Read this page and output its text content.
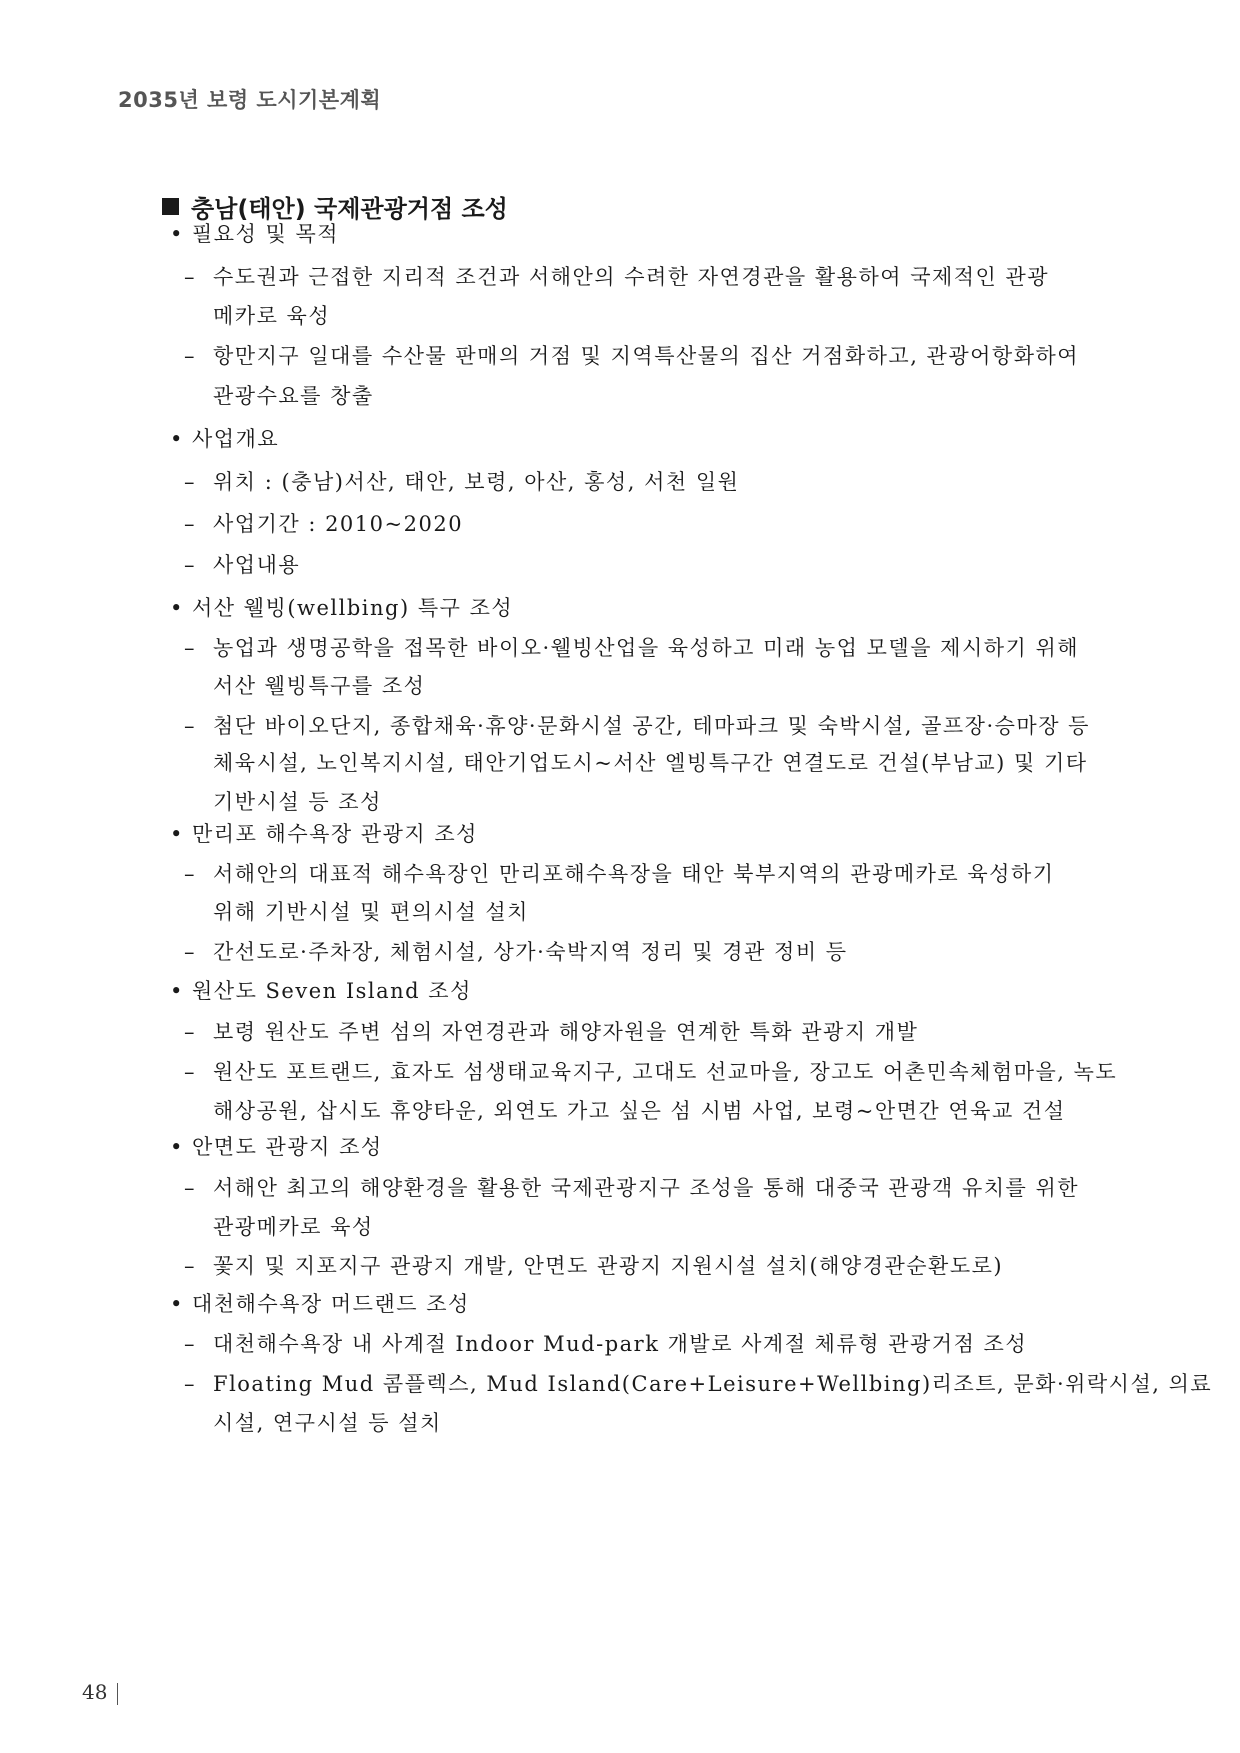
2035년 보령 도시기본계획
충남(태안) 국제관광거점 조성
• 필요성 및 목적
– 수도권과 근접한 지리적 조건과 서해안의 수려한 자연경관을 활용하여 국제적인 관광
메카로 육성
– 항만지구 일대를 수산물 판매의 거점 및 지역특산물의 집산 거점화하고, 관광어항화하여
관광수요를 창출
• 사업개요
– 위치 : (충남)서산, 태안, 보령, 아산, 홍성, 서천 일원
– 사업기간 : 2010~2020
– 사업내용
• 서산 웰빙(wellbing) 특구 조성
– 농업과 생명공학을 접목한 바이오·웰빙산업을 육성하고 미래 농업 모델을 제시하기 위해
서산 웰빙특구를 조성
– 첨단 바이오단지, 종합채육·휴양·문화시설 공간, 테마파크 및 숙박시설, 골프장·승마장 등
체육시설, 노인복지시설, 태안기업도시~서산 엘빙특구간 연결도로 건설(부남교) 및 기타
기반시설 등 조성
• 만리포 해수욕장 관광지 조성
– 서해안의 대표적 해수욕장인 만리포해수욕장을 태안 북부지역의 관광메카로 육성하기
위해 기반시설 및 편의시설 설치
– 간선도로·주차장, 체험시설, 상가·숙박지역 정리 및 경관 정비 등
• 원산도 Seven Island 조성
– 보령 원산도 주변 섬의 자연경관과 해양자원을 연계한 특화 관광지 개발
– 원산도 포트랜드, 효자도 섬생태교육지구, 고대도 선교마을, 장고도 어촌민속체험마을, 녹도
해상공원, 삽시도 휴양타운, 외연도 가고 싶은 섬 시범 사업, 보령~안면간 연육교 건설
• 안면도 관광지 조성
– 서해안 최고의 해양환경을 활용한 국제관광지구 조성을 통해 대중국 관광객 유치를 위한
관광메카로 육성
– 꽃지 및 지포지구 관광지 개발, 안면도 관광지 지원시설 설치(해양경관순환도로)
• 대천해수욕장 머드랜드 조성
– 대천해수욕장 내 사계절 Indoor Mud-park 개발로 사계절 체류형 관광거점 조성
– Floating Mud 콤플렉스, Mud Island(Care+Leisure+Wellbing)리조트, 문화·위락시설, 의료
시설, 연구시설 등 설치
48
